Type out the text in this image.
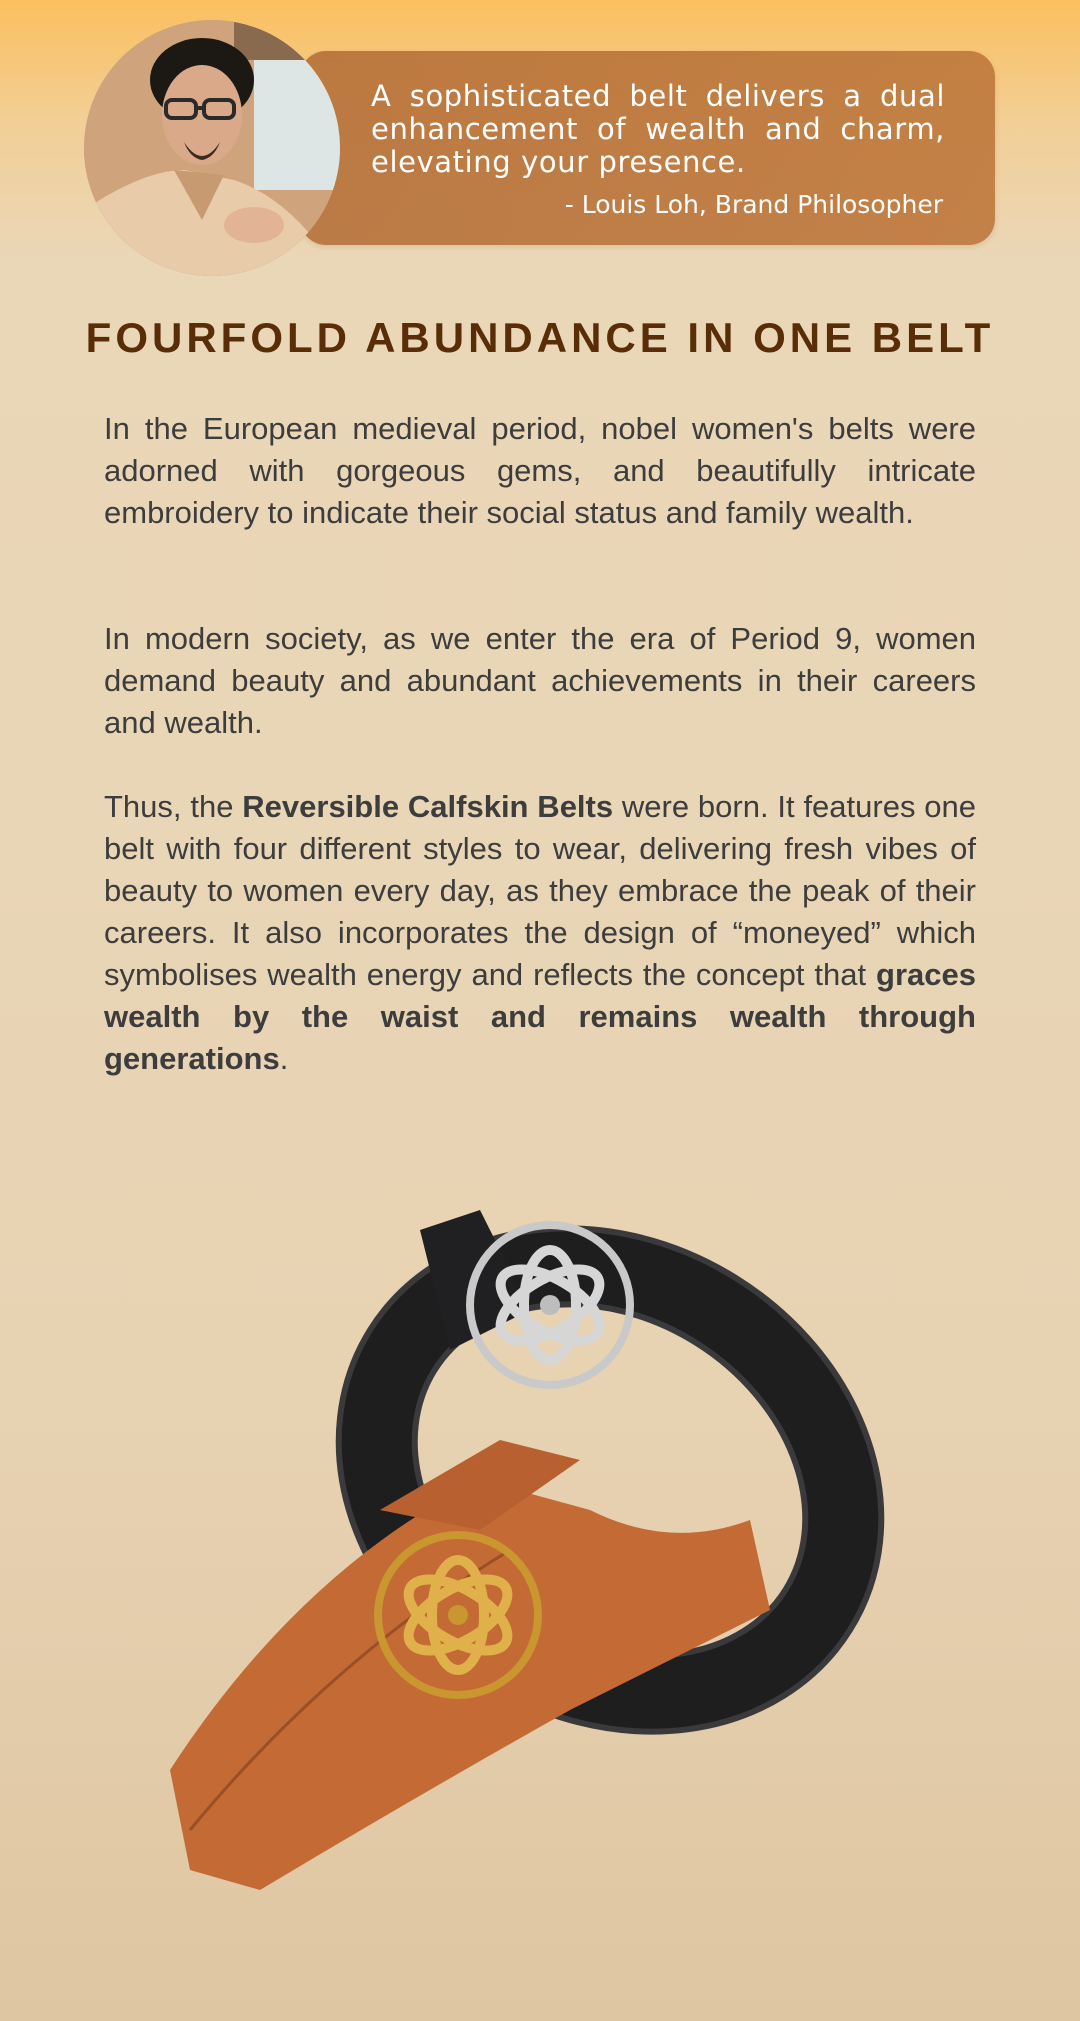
A sophisticated belt delivers a dual enhancement of wealth and charm, elevating your presence.
- Louis Loh, Brand Philosopher
FOURFOLD ABUNDANCE IN ONE BELT
In the European medieval period, nobel women's belts were adorned with gorgeous gems, and beautifully intricate embroidery to indicate their social status and family wealth.
In modern society, as we enter the era of Period 9, women demand beauty and abundant achievements in their careers and wealth.
Thus, the Reversible Calfskin Belts were born. It features one belt with four different styles to wear, delivering fresh vibes of beauty to women every day, as they embrace the peak of their careers. It also incorporates the design of “moneyed” which symbolises wealth energy and reflects the concept that graces wealth by the waist and remains wealth through generations.
